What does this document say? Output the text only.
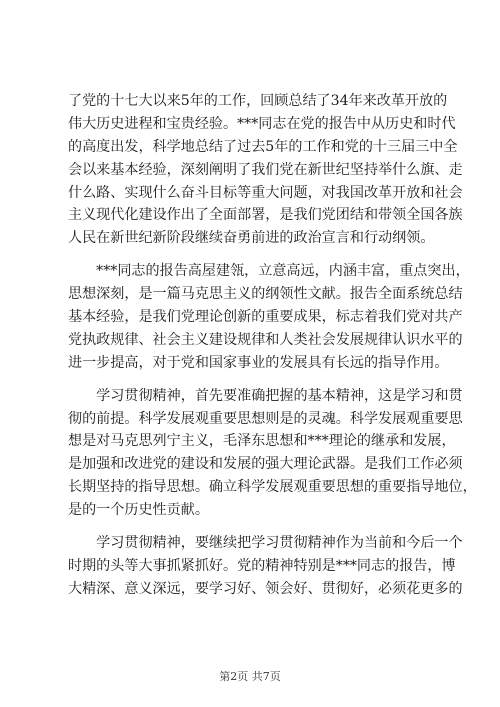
了党的十七大以来5年的工作，回顾总结了34年来改革开放的
伟大历史进程和宝贵经验。***同志在党的报告中从历史和时代
的高度出发，科学地总结了过去5年的工作和党的十三届三中全
会以来基本经验，深刻阐明了我们党在新世纪坚持举什么旗、走
什么路、实现什么奋斗目标等重大问题，对我国改革开放和社会
主义现代化建设作出了全面部署，是我们党团结和带领全国各族
人民在新世纪新阶段继续奋勇前进的政治宣言和行动纲领。
　　***同志的报告高屋建瓴，立意高远，内涵丰富，重点突出，
思想深刻，是一篇马克思主义的纲领性文献。报告全面系统总结
基本经验，是我们党理论创新的重要成果，标志着我们党对共产
党执政规律、社会主义建设规律和人类社会发展规律认识水平的
进一步提高，对于党和国家事业的发展具有长远的指导作用。
　　学习贯彻精神，首先要准确把握的基本精神，这是学习和贯
彻的前提。科学发展观重要思想则是的灵魂。科学发展观重要思
想是对马克思列宁主义，毛泽东思想和***理论的继承和发展，
是加强和改进党的建设和发展的强大理论武器。是我们工作必须
长期坚持的指导思想。确立科学发展观重要思想的重要指导地位，
是的一个历史性贡献。
　　学习贯彻精神，要继续把学习贯彻精神作为当前和今后一个
时期的头等大事抓紧抓好。党的精神特别是***同志的报告，博
大精深、意义深远，要学习好、领会好、贯彻好，必须花更多的
第2页 共7页
